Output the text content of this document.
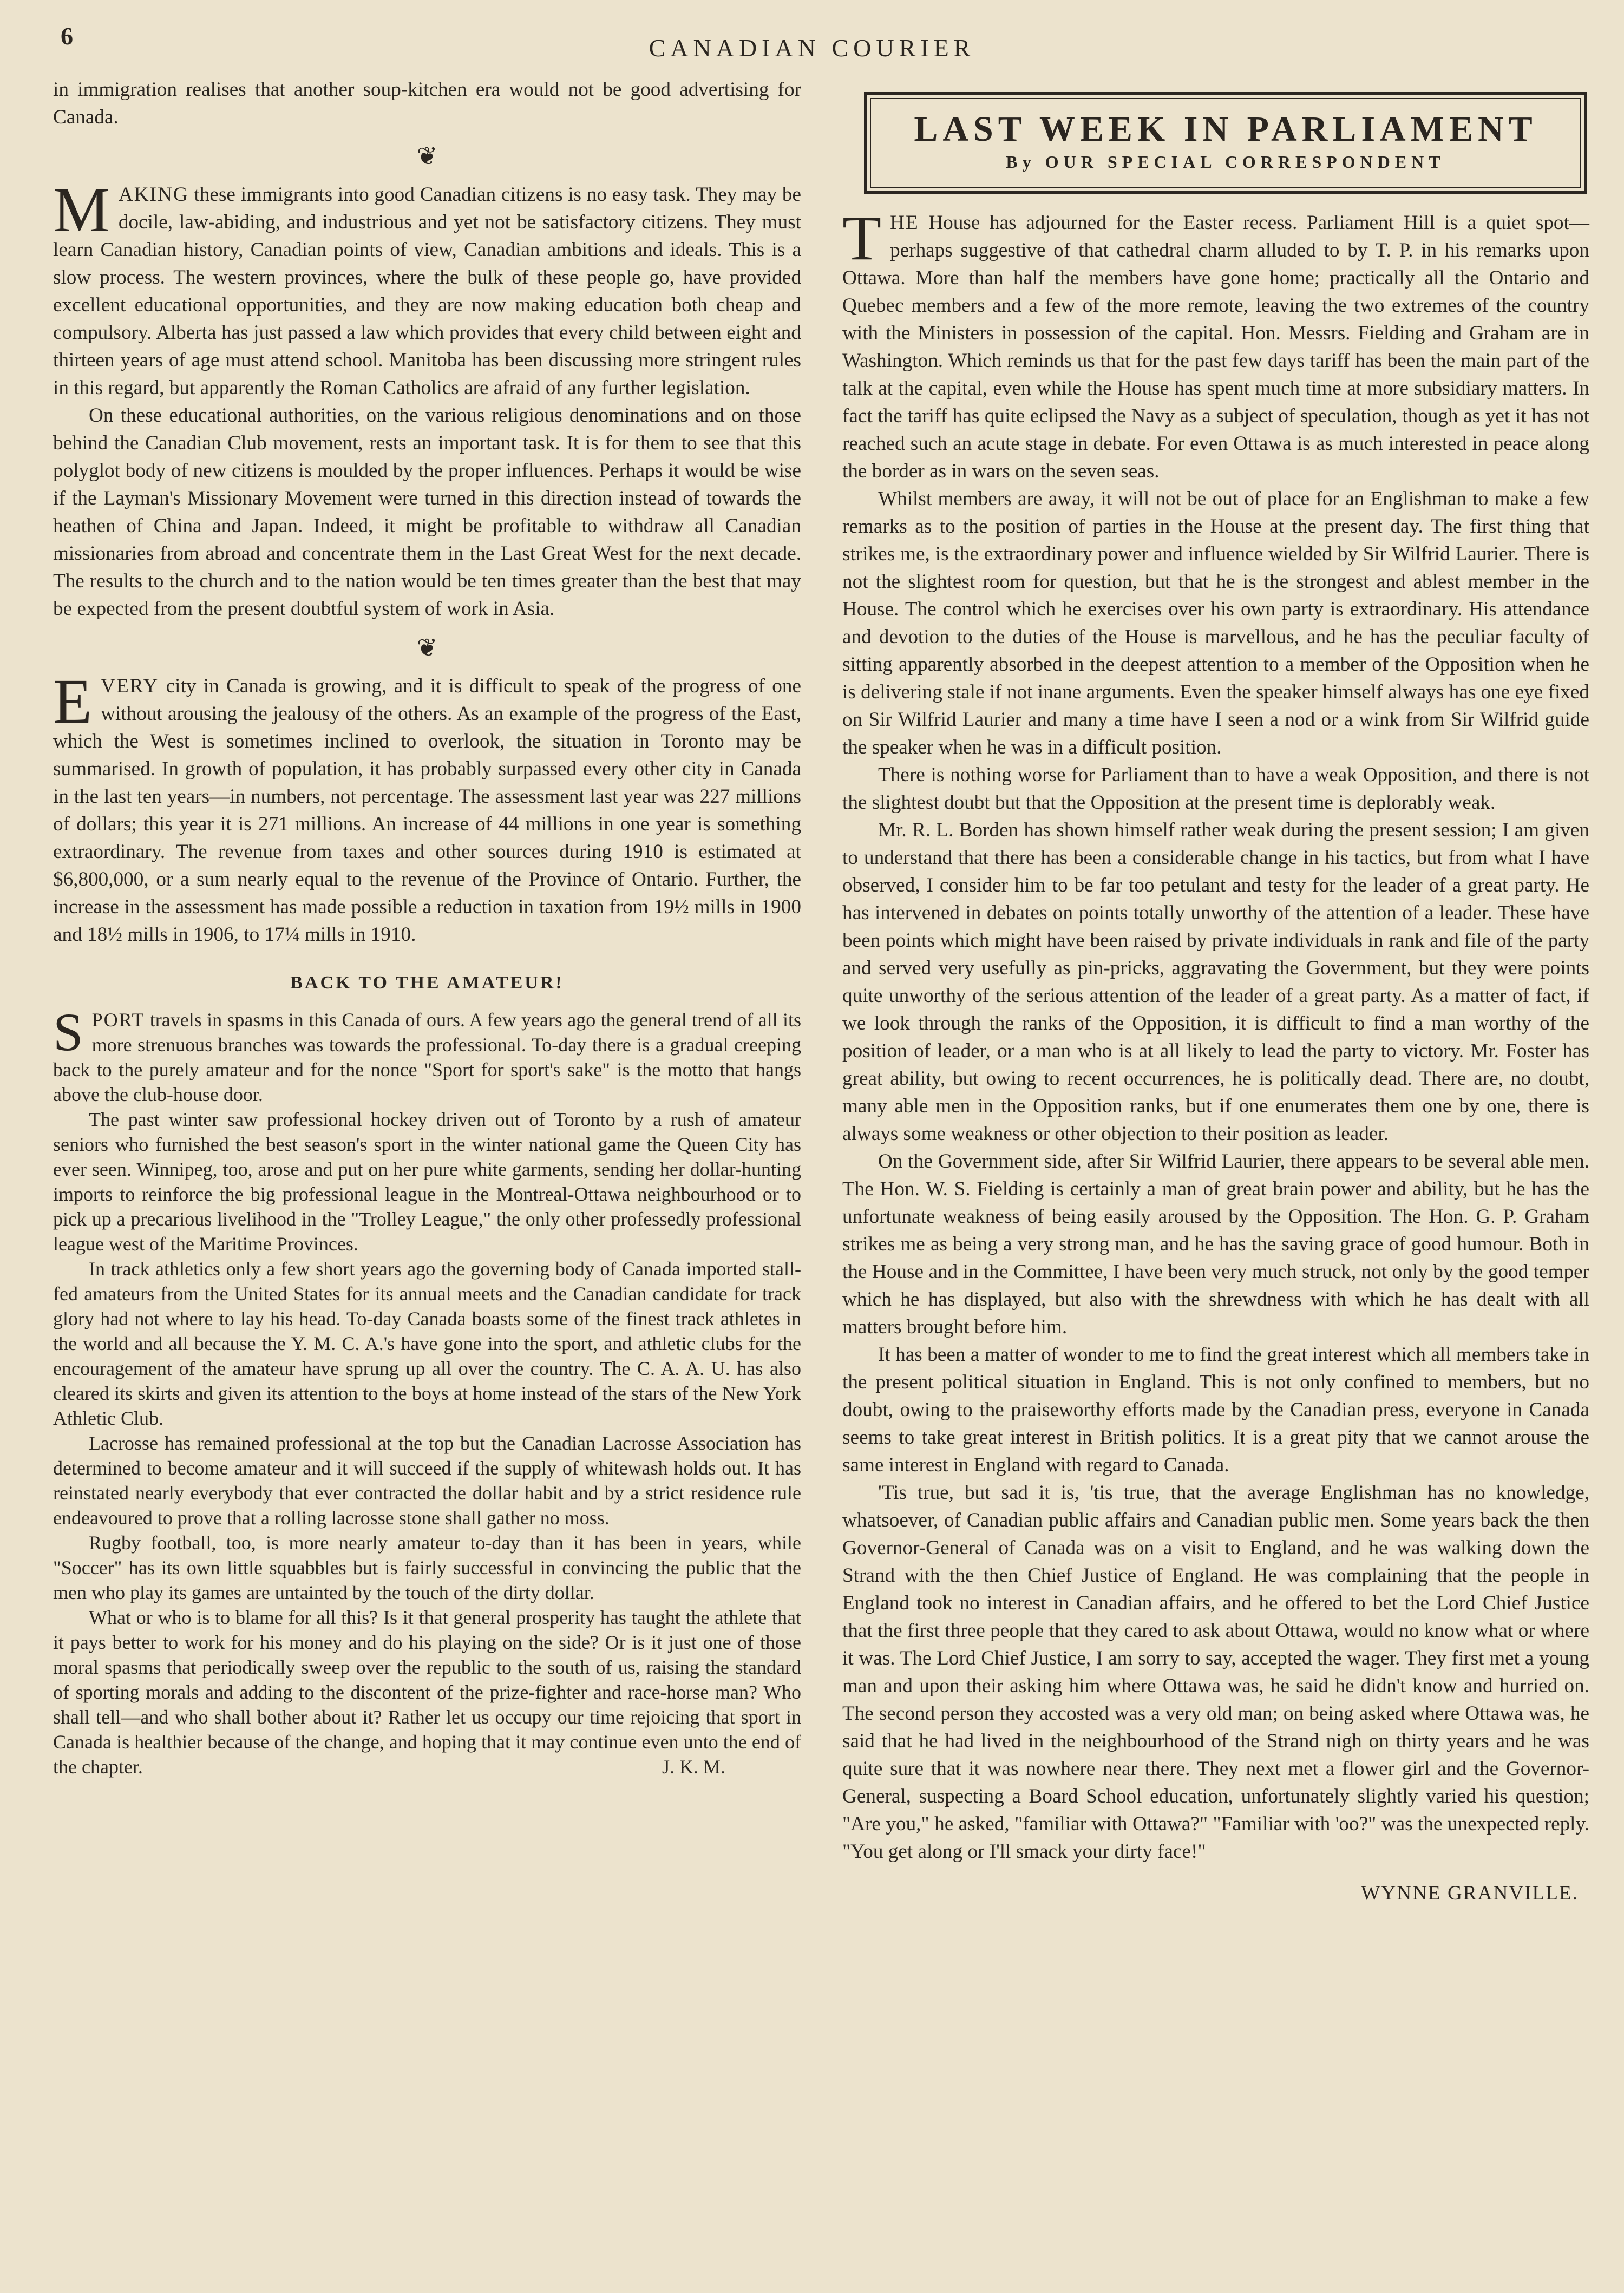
6	CANADIAN COURIER

in immigration realises that another soup-kitchen era would not be good advertising for Canada.

❦

MAKING these immigrants into good Canadian citizens is no easy task. They may be docile, law-abiding, and industrious and yet not be satisfactory citizens. They must learn Canadian history, Canadian points of view, Canadian ambitions and ideals. This is a slow process. The western provinces, where the bulk of these people go, have provided excellent educational opportunities, and they are now making education both cheap and compulsory. Alberta has just passed a law which provides that every child between eight and thirteen years of age must attend school. Manitoba has been discussing more stringent rules in this regard, but apparently the Roman Catholics are afraid of any further legislation.

On these educational authorities, on the various religious denominations and on those behind the Canadian Club movement, rests an important task. It is for them to see that this polyglot body of new citizens is moulded by the proper influences. Perhaps it would be wise if the Layman's Missionary Movement were turned in this direction instead of towards the heathen of China and Japan. Indeed, it might be profitable to withdraw all Canadian missionaries from abroad and concentrate them in the Last Great West for the next decade. The results to the church and to the nation would be ten times greater than the best that may be expected from the present doubtful system of work in Asia.

❦

EVERY city in Canada is growing, and it is difficult to speak of the progress of one without arousing the jealousy of the others. As an example of the progress of the East, which the West is sometimes inclined to overlook, the situation in Toronto may be summarised. In growth of population, it has probably surpassed every other city in Canada in the last ten years—in numbers, not percentage. The assessment last year was 227 millions of dollars; this year it is 271 millions. An increase of 44 millions in one year is something extraordinary. The revenue from taxes and other sources during 1910 is estimated at $6,800,000, or a sum nearly equal to the revenue of the Province of Ontario. Further, the increase in the assessment has made possible a reduction in taxation from 19½ mills in 1900 and 18½ mills in 1906, to 17¼ mills in 1910.

BACK TO THE AMATEUR!

SPORT travels in spasms in this Canada of ours. A few years ago the general trend of all its more strenuous branches was towards the professional. To-day there is a gradual creeping back to the purely amateur and for the nonce "Sport for sport's sake" is the motto that hangs above the club-house door.

The past winter saw professional hockey driven out of Toronto by a rush of amateur seniors who furnished the best season's sport in the winter national game the Queen City has ever seen. Winnipeg, too, arose and put on her pure white garments, sending her dollar-hunting imports to reinforce the big professional league in the Montreal-Ottawa neighbourhood or to pick up a precarious livelihood in the "Trolley League," the only other professedly professional league west of the Maritime Provinces.

In track athletics only a few short years ago the governing body of Canada imported stall-fed amateurs from the United States for its annual meets and the Canadian candidate for track glory had not where to lay his head. To-day Canada boasts some of the finest track athletes in the world and all because the Y. M. C. A.'s have gone into the sport, and athletic clubs for the encouragement of the amateur have sprung up all over the country. The C. A. A. U. has also cleared its skirts and given its attention to the boys at home instead of the stars of the New York Athletic Club.

Lacrosse has remained professional at the top but the Canadian Lacrosse Association has determined to become amateur and it will succeed if the supply of whitewash holds out. It has reinstated nearly everybody that ever contracted the dollar habit and by a strict residence rule endeavoured to prove that a rolling lacrosse stone shall gather no moss.

Rugby football, too, is more nearly amateur to-day than it has been in years, while "Soccer" has its own little squabbles but is fairly successful in convincing the public that the men who play its games are untainted by the touch of the dirty dollar.

What or who is to blame for all this? Is it that general prosperity has taught the athlete that it pays better to work for his money and do his playing on the side? Or is it just one of those moral spasms that periodically sweep over the republic to the south of us, raising the standard of sporting morals and adding to the discontent of the prize-fighter and race-horse man? Who shall tell—and who shall bother about it? Rather let us occupy our time rejoicing that sport in Canada is healthier because of the change, and hoping that it may continue even unto the end of the chapter.	J. K. M.
LAST WEEK IN PARLIAMENT
By OUR SPECIAL CORRESPONDENT

THE House has adjourned for the Easter recess. Parliament Hill is a quiet spot—perhaps suggestive of that cathedral charm alluded to by T. P. in his remarks upon Ottawa. More than half the members have gone home; practically all the Ontario and Quebec members and a few of the more remote, leaving the two extremes of the country with the Ministers in possession of the capital. Hon. Messrs. Fielding and Graham are in Washington. Which reminds us that for the past few days tariff has been the main part of the talk at the capital, even while the House has spent much time at more subsidiary matters. In fact the tariff has quite eclipsed the Navy as a subject of speculation, though as yet it has not reached such an acute stage in debate. For even Ottawa is as much interested in peace along the border as in wars on the seven seas.

Whilst members are away, it will not be out of place for an Englishman to make a few remarks as to the position of parties in the House at the present day. The first thing that strikes me, is the extraordinary power and influence wielded by Sir Wilfrid Laurier. There is not the slightest room for question, but that he is the strongest and ablest member in the House. The control which he exercises over his own party is extraordinary. His attendance and devotion to the duties of the House is marvellous, and he has the peculiar faculty of sitting apparently absorbed in the deepest attention to a member of the Opposition when he is delivering stale if not inane arguments. Even the speaker himself always has one eye fixed on Sir Wilfrid Laurier and many a time have I seen a nod or a wink from Sir Wilfrid guide the speaker when he was in a difficult position.

There is nothing worse for Parliament than to have a weak Opposition, and there is not the slightest doubt but that the Opposition at the present time is deplorably weak.

Mr. R. L. Borden has shown himself rather weak during the present session; I am given to understand that there has been a considerable change in his tactics, but from what I have observed, I consider him to be far too petulant and testy for the leader of a great party. He has intervened in debates on points totally unworthy of the attention of a leader. These have been points which might have been raised by private individuals in rank and file of the party and served very usefully as pin-pricks, aggravating the Government, but they were points quite unworthy of the serious attention of the leader of a great party. As a matter of fact, if we look through the ranks of the Opposition, it is difficult to find a man worthy of the position of leader, or a man who is at all likely to lead the party to victory. Mr. Foster has great ability, but owing to recent occurrences, he is politically dead. There are, no doubt, many able men in the Opposition ranks, but if one enumerates them one by one, there is always some weakness or other objection to their position as leader.

On the Government side, after Sir Wilfrid Laurier, there appears to be several able men. The Hon. W. S. Fielding is certainly a man of great brain power and ability, but he has the unfortunate weakness of being easily aroused by the Opposition. The Hon. G. P. Graham strikes me as being a very strong man, and he has the saving grace of good humour. Both in the House and in the Committee, I have been very much struck, not only by the good temper which he has displayed, but also with the shrewdness with which he has dealt with all matters brought before him.

It has been a matter of wonder to me to find the great interest which all members take in the present political situation in England. This is not only confined to members, but no doubt, owing to the praiseworthy efforts made by the Canadian press, everyone in Canada seems to take great interest in British politics. It is a great pity that we cannot arouse the same interest in England with regard to Canada.

'Tis true, but sad it is, 'tis true, that the average Englishman has no knowledge, whatsoever, of Canadian public affairs and Canadian public men. Some years back the then Governor-General of Canada was on a visit to England, and he was walking down the Strand with the then Chief Justice of England. He was complaining that the people in England took no interest in Canadian affairs, and he offered to bet the Lord Chief Justice that the first three people that they cared to ask about Ottawa, would no know what or where it was. The Lord Chief Justice, I am sorry to say, accepted the wager. They first met a young man and upon their asking him where Ottawa was, he said he didn't know and hurried on. The second person they accosted was a very old man; on being asked where Ottawa was, he said that he had lived in the neighbourhood of the Strand nigh on thirty years and he was quite sure that it was nowhere near there. They next met a flower girl and the Governor-General, suspecting a Board School education, unfortunately slightly varied his question; "Are you," he asked, "familiar with Ottawa?" "Familiar with 'oo?" was the unexpected reply. "You get along or I'll smack your dirty face!"

WYNNE GRANVILLE.
